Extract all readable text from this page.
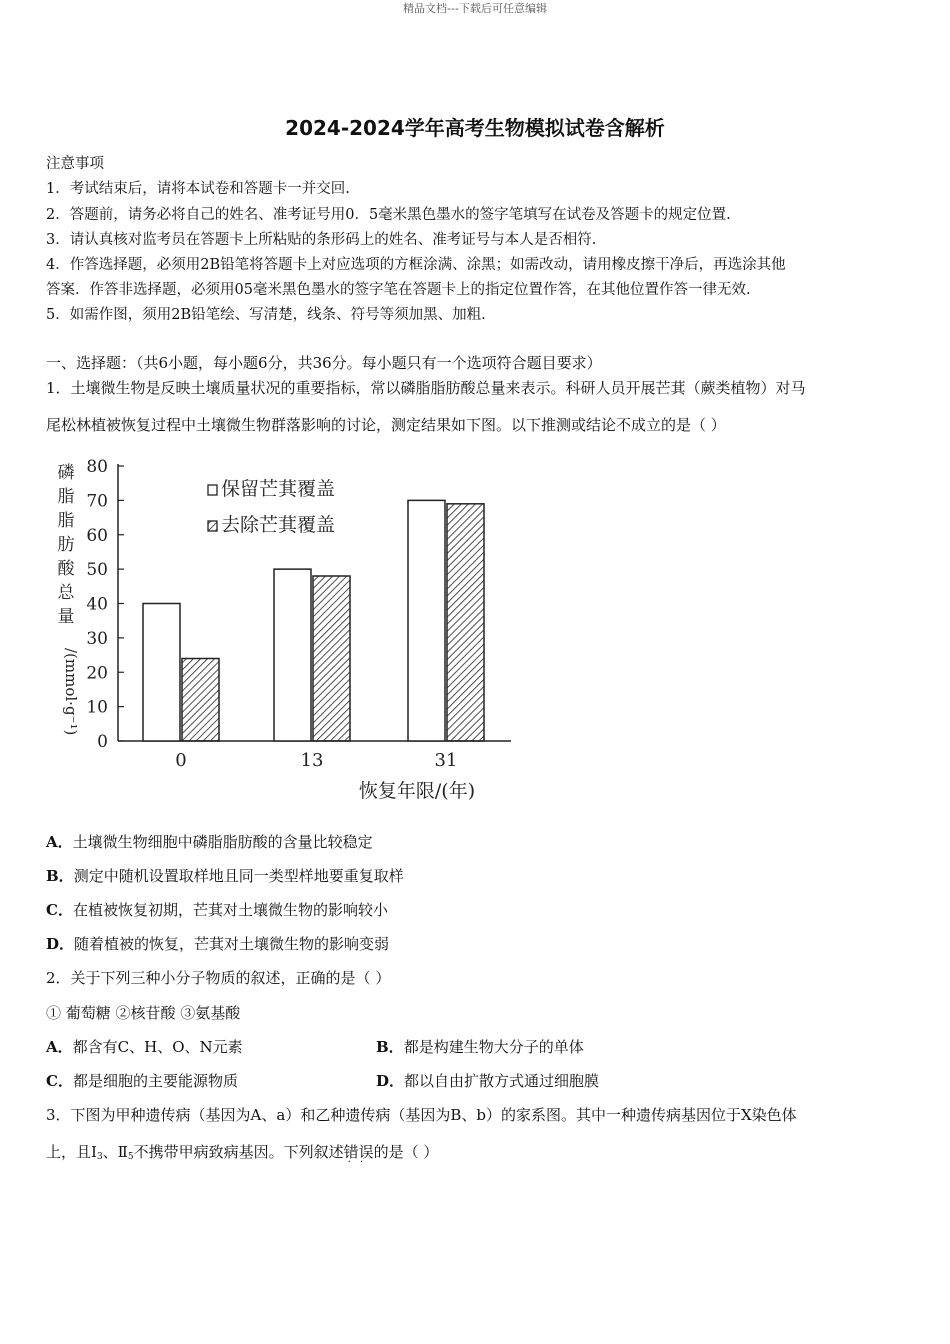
精品文档---下载后可任意编辑
2024-2024学年高考生物模拟试卷含解析
注意事项
1．考试结束后，请将本试卷和答题卡一并交回.
2．答题前，请务必将自己的姓名、准考证号用0．5毫米黑色墨水的签字笔填写在试卷及答题卡的规定位置.
3．请认真核对监考员在答题卡上所粘贴的条形码上的姓名、准考证号与本人是否相符.
4．作答选择题，必须用2B铅笔将答题卡上对应选项的方框涂满、涂黑；如需改动，请用橡皮擦干净后，再选涂其他
答案．作答非选择题，必须用05毫米黑色墨水的签字笔在答题卡上的指定位置作答，在其他位置作答一律无效.
5．如需作图，须用2B铅笔绘、写清楚，线条、符号等须加黑、加粗.
一、选择题：（共6小题，每小题6分，共36分。每小题只有一个选项符合题目要求）
1．土壤微生物是反映土壤质量状况的重要指标，常以磷脂脂肪酸总量来表示。科研人员开展芒萁（蕨类植物）对马
尾松林植被恢复过程中土壤微生物群落影响的讨论，测定结果如下图。以下推测或结论不成立的是（ ）
0
10
20
30
40
50
60
70
80
磷
脂
脂
肪
酸
总
量
/(mmol·g⁻¹)
0	13	31
保留芒萁覆盖
去除芒萁覆盖
恢复年限/(年)
A．土壤微生物细胞中磷脂脂肪酸的含量比较稳定
B．测定中随机设置取样地且同一类型样地要重复取样
C．在植被恢复初期，芒萁对土壤微生物的影响较小
D．随着植被的恢复，芒萁对土壤微生物的影响变弱
2．关于下列三种小分子物质的叙述，正确的是（ ）
① 葡萄糖 ②核苷酸 ③氨基酸
A．都含有C、H、O、N元素	B．都是构建生物大分子的单体
C．都是细胞的主要能源物质	D．都以自由扩散方式通过细胞膜
3．下图为甲种遗传病（基因为A、a）和乙种遗传病（基因为B、b）的家系图。其中一种遗传病基因位于X染色体
上，且$Ⅰ_3$、$Ⅱ_5$不携带甲病致病基因。下列叙述错误 · ·的是（ ）
